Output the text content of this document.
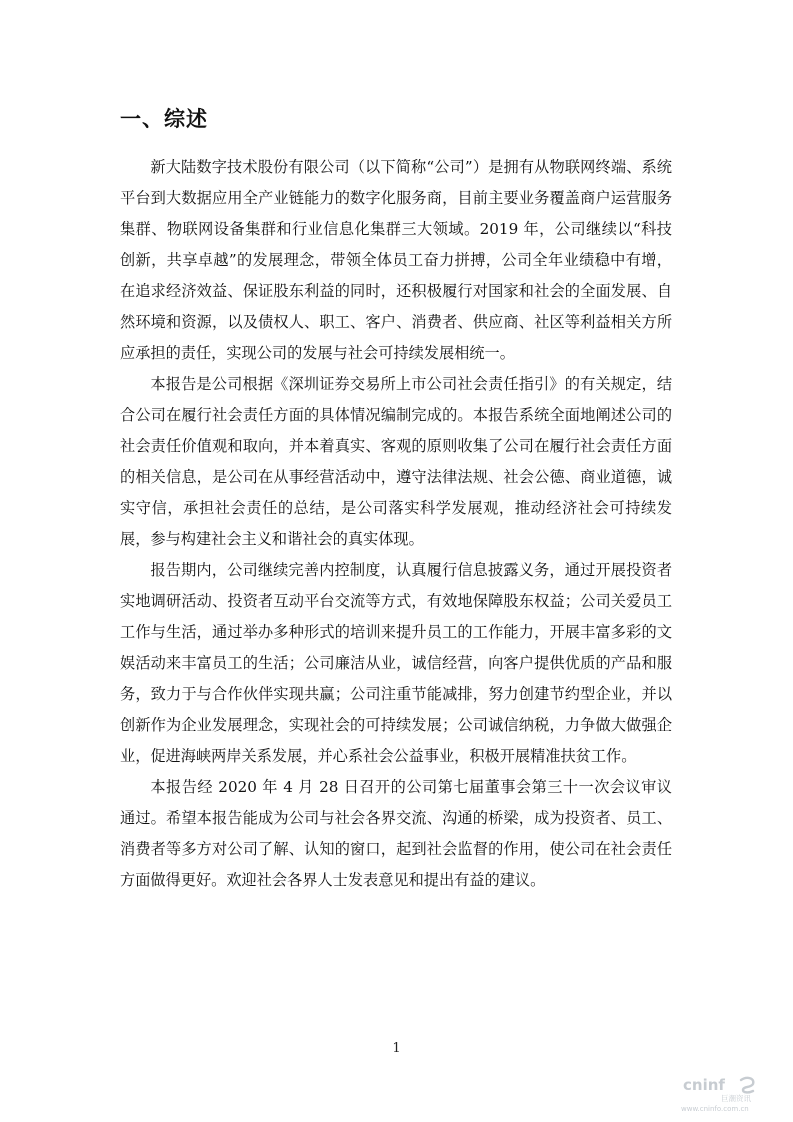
一、综述

新大陆数字技术股份有限公司（以下简称“公司”）是拥有从物联网终端、系统平台到大数据应用全产业链能力的数字化服务商，目前主要业务覆盖商户运营服务集群、物联网设备集群和行业信息化集群三大领域。2019 年，公司继续以“科技创新，共享卓越”的发展理念，带领全体员工奋力拼搏，公司全年业绩稳中有增，在追求经济效益、保证股东利益的同时，还积极履行对国家和社会的全面发展、自然环境和资源，以及债权人、职工、客户、消费者、供应商、社区等利益相关方所应承担的责任，实现公司的发展与社会可持续发展相统一。

本报告是公司根据《深圳证券交易所上市公司社会责任指引》的有关规定，结合公司在履行社会责任方面的具体情况编制完成的。本报告系统全面地阐述公司的社会责任价值观和取向，并本着真实、客观的原则收集了公司在履行社会责任方面的相关信息，是公司在从事经营活动中，遵守法律法规、社会公德、商业道德，诚实守信，承担社会责任的总结，是公司落实科学发展观，推动经济社会可持续发展，参与构建社会主义和谐社会的真实体现。

报告期内，公司继续完善内控制度，认真履行信息披露义务，通过开展投资者实地调研活动、投资者互动平台交流等方式，有效地保障股东权益；公司关爱员工工作与生活，通过举办多种形式的培训来提升员工的工作能力，开展丰富多彩的文娱活动来丰富员工的生活；公司廉洁从业，诚信经营，向客户提供优质的产品和服务，致力于与合作伙伴实现共赢；公司注重节能减排，努力创建节约型企业，并以创新作为企业发展理念，实现社会的可持续发展；公司诚信纳税，力争做大做强企业，促进海峡两岸关系发展，并心系社会公益事业，积极开展精准扶贫工作。

本报告经 2020 年 4 月 28 日召开的公司第七届董事会第三十一次会议审议通过。希望本报告能成为公司与社会各界交流、沟通的桥梁，成为投资者、员工、消费者等多方对公司了解、认知的窗口，起到社会监督的作用，使公司在社会责任方面做得更好。欢迎社会各界人士发表意见和提出有益的建议。

1
cninf
巨潮资讯
www.cninfo.com.cn
